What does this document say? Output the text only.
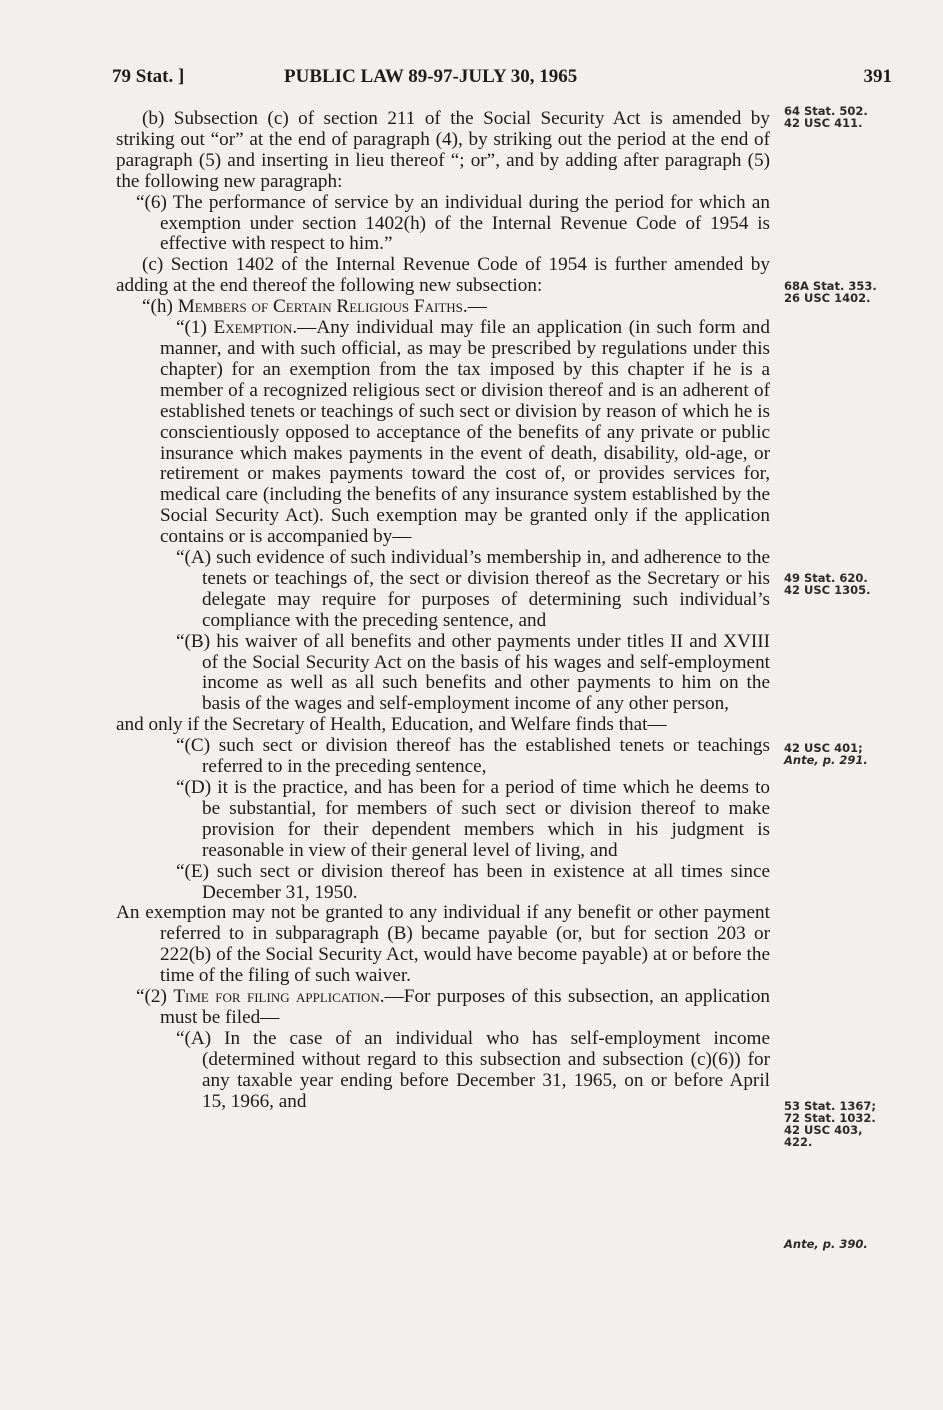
79 Stat. ]	PUBLIC LAW 89-97-JULY 30, 1965	391

(b) Subsection (c) of section 211 of the Social Security Act is amended by striking out “or” at the end of paragraph (4), by striking out the period at the end of paragraph (5) and inserting in lieu thereof “; or”, and by adding after paragraph (5) the following new paragraph:

“(6) The performance of service by an individual during the period for which an exemption under section 1402(h) of the Internal Revenue Code of 1954 is effective with respect to him.”

(c) Section 1402 of the Internal Revenue Code of 1954 is further amended by adding at the end thereof the following new subsection:

“(h) Members of Certain Religious Faiths.—

“(1) Exemption.—Any individual may file an application (in such form and manner, and with such official, as may be prescribed by regulations under this chapter) for an exemption from the tax imposed by this chapter if he is a member of a recognized religious sect or division thereof and is an adherent of established tenets or teachings of such sect or division by reason of which he is conscientiously opposed to acceptance of the benefits of any private or public insurance which makes payments in the event of death, disability, old-age, or retirement or makes payments toward the cost of, or provides services for, medical care (including the benefits of any insurance system established by the Social Security Act). Such exemption may be granted only if the application contains or is accompanied by—

“(A) such evidence of such individual’s membership in, and adherence to the tenets or teachings of, the sect or division thereof as the Secretary or his delegate may require for purposes of determining such individual’s compliance with the preceding sentence, and

“(B) his waiver of all benefits and other payments under titles II and XVIII of the Social Security Act on the basis of his wages and self-employment income as well as all such benefits and other payments to him on the basis of the wages and self-employment income of any other person,

and only if the Secretary of Health, Education, and Welfare finds that—

“(C) such sect or division thereof has the established tenets or teachings referred to in the preceding sentence,

“(D) it is the practice, and has been for a period of time which he deems to be substantial, for members of such sect or division thereof to make provision for their dependent members which in his judgment is reasonable in view of their general level of living, and

“(E) such sect or division thereof has been in existence at all times since December 31, 1950.

An exemption may not be granted to any individual if any benefit or other payment referred to in subparagraph (B) became payable (or, but for section 203 or 222(b) of the Social Security Act, would have become payable) at or before the time of the filing of such waiver.

“(2) Time for filing application.—For purposes of this subsection, an application must be filed—

“(A) In the case of an individual who has self-employment income (determined without regard to this subsection and subsection (c)(6)) for any taxable year ending before December 31, 1965, on or before April 15, 1966, and

64 Stat. 502.
42 USC 411.
68A Stat. 353.
26 USC 1402.
49 Stat. 620.
42 USC 1305.
42 USC 401;
Ante, p. 291.
53 Stat. 1367;
72 Stat. 1032.
42 USC 403,
422.
Ante, p. 390.
